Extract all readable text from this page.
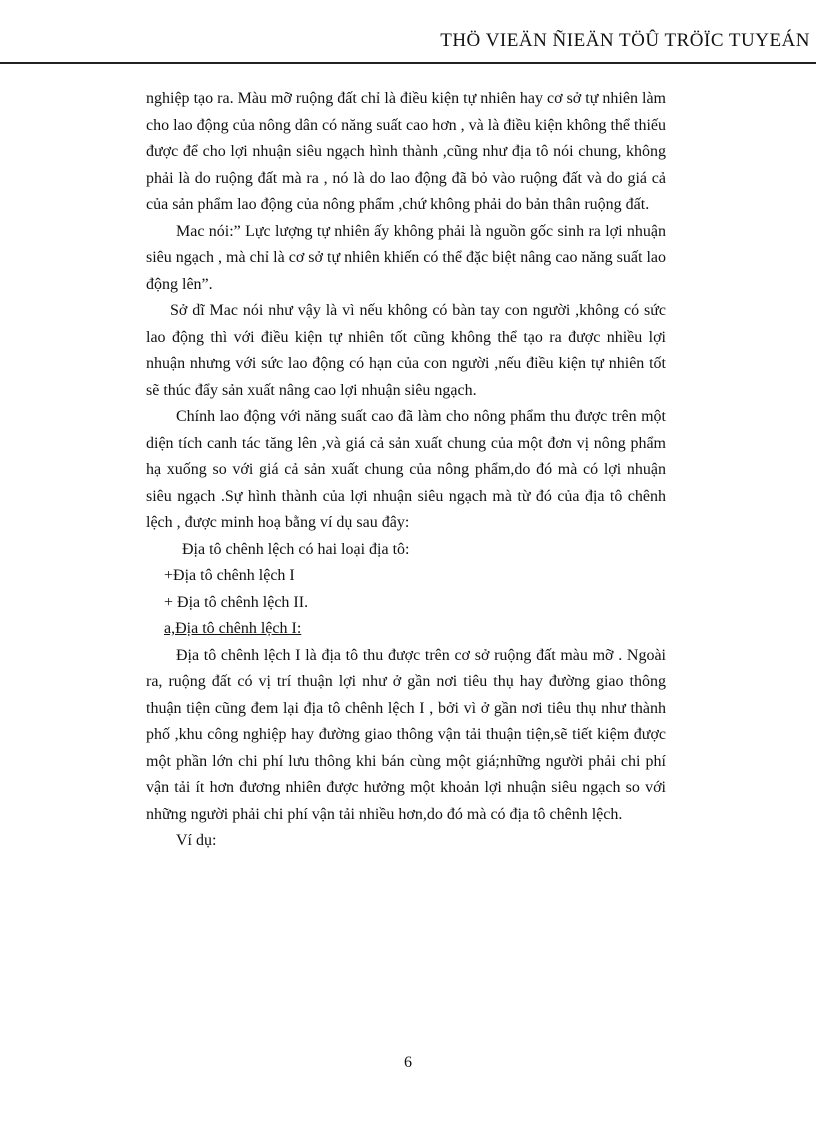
THÖ VIEÄN ÑIEÄN TÖÛ TRÖÏC TUYEÁN

nghiệp tạo ra. Màu mỡ ruộng đất chỉ là điều kiện tự nhiên hay cơ sở tự nhiên làm cho lao động của nông dân có năng suất cao hơn , và là điều kiện không thể thiếu được để cho lợi nhuận siêu ngạch hình thành ,cũng như địa tô nói chung, không phải là do ruộng đất mà ra , nó là do lao động đã bỏ vào ruộng đất và do giá cả của sản phẩm lao động của nông phẩm ,chứ không phải do bản thân ruộng đất.

Mac nói:” Lực lượng tự nhiên ấy không phải là nguồn gốc sinh ra lợi nhuận siêu ngạch , mà chỉ là cơ sở tự nhiên khiến có thể đặc biệt nâng cao năng suất lao động lên”.

Sở dĩ Mac nói như vậy là vì nếu không có bàn tay con người ,không có sức lao động thì với điều kiện tự nhiên tốt cũng không thể tạo ra được nhiều lợi nhuận nhưng với sức lao động có hạn của con người ,nếu điều kiện tự nhiên tốt sẽ thúc đẩy sản xuất nâng cao lợi nhuận siêu ngạch.

Chính lao động với năng suất cao đã làm cho nông phẩm thu được trên một diện tích canh tác tăng lên ,và giá cả sản xuất chung của một đơn vị nông phẩm hạ xuống so với giá cả sản xuất chung của nông phẩm,do đó mà có lợi nhuận siêu ngạch .Sự hình thành của lợi nhuận siêu ngạch mà từ đó của địa tô chênh lệch , được minh hoạ bằng ví dụ sau đây:

Địa tô chênh lệch có hai loại địa tô:

+Địa tô chênh lệch I

+ Địa tô chênh lệch II.

a,Địa tô chênh lệch I:

Địa tô chênh lệch I là địa tô thu được trên cơ sở ruộng đất màu mỡ . Ngoài ra, ruộng đất có vị trí thuận lợi như ở gần nơi tiêu thụ hay đường giao thông thuận tiện cũng đem lại địa tô chênh lệch I , bởi vì ở gần nơi tiêu thụ như thành phố ,khu công nghiệp hay đường giao thông vận tải thuận tiện,sẽ tiết kiệm được một phần lớn chi phí lưu thông khi bán cùng một giá;những người phải chi phí vận tải ít hơn đương nhiên được hưởng một khoản lợi nhuận siêu ngạch so với những người phải chi phí vận tải nhiều hơn,do đó mà có địa tô chênh lệch.

Ví dụ:

6
